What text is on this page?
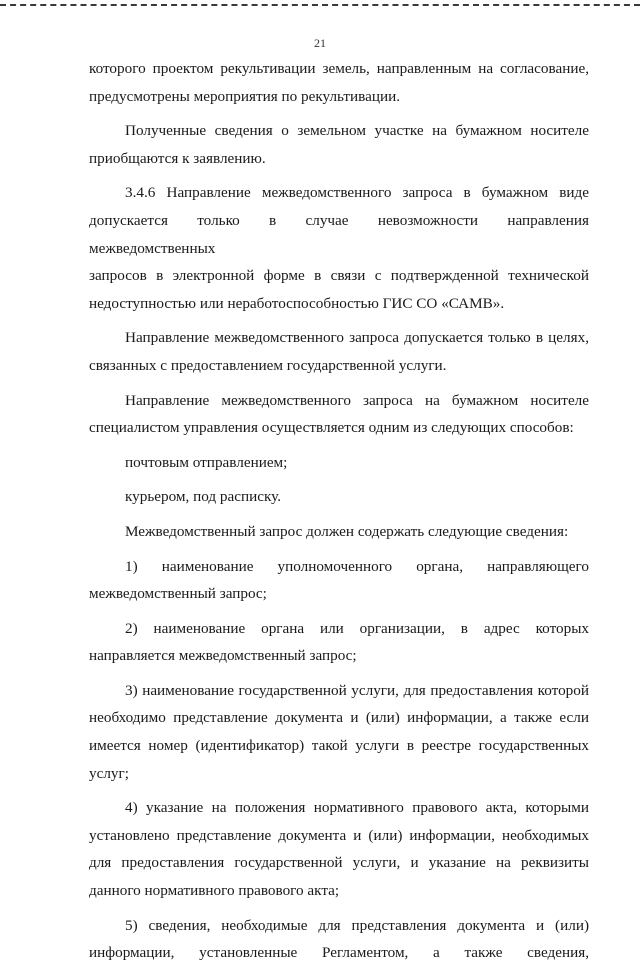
21
которого проектом рекультивации земель, направленным на согласование,
предусмотрены мероприятия по рекультивации.
Полученные сведения о земельном участке на бумажном носителе
приобщаются к заявлению.
3.4.6 Направление межведомственного запроса в бумажном виде
допускается только в случае невозможности направления межведомственных
запросов в электронной форме в связи с подтвержденной технической
недоступностью или неработоспособностью ГИС СО «САМВ».
Направление межведомственного запроса допускается только в целях,
связанных с предоставлением государственной услуги.
Направление межведомственного запроса на бумажном носителе
специалистом управления осуществляется одним из следующих способов:
почтовым отправлением;
курьером, под расписку.
Межведомственный запрос должен содержать следующие сведения:
1) наименование уполномоченного органа, направляющего
межведомственный запрос;
2) наименование органа или организации, в адрес которых
направляется межведомственный запрос;
3) наименование государственной услуги, для предоставления которой
необходимо представление документа и (или) информации, а также если
имеется номер (идентификатор) такой услуги в реестре государственных
услуг;
4) указание на положения нормативного правового акта, которыми
установлено представление документа и (или) информации, необходимых
для предоставления государственной услуги, и указание на реквизиты
данного нормативного правового акта;
5) сведения, необходимые для представления документа и (или)
информации, установленные Регламентом, а также сведения,
